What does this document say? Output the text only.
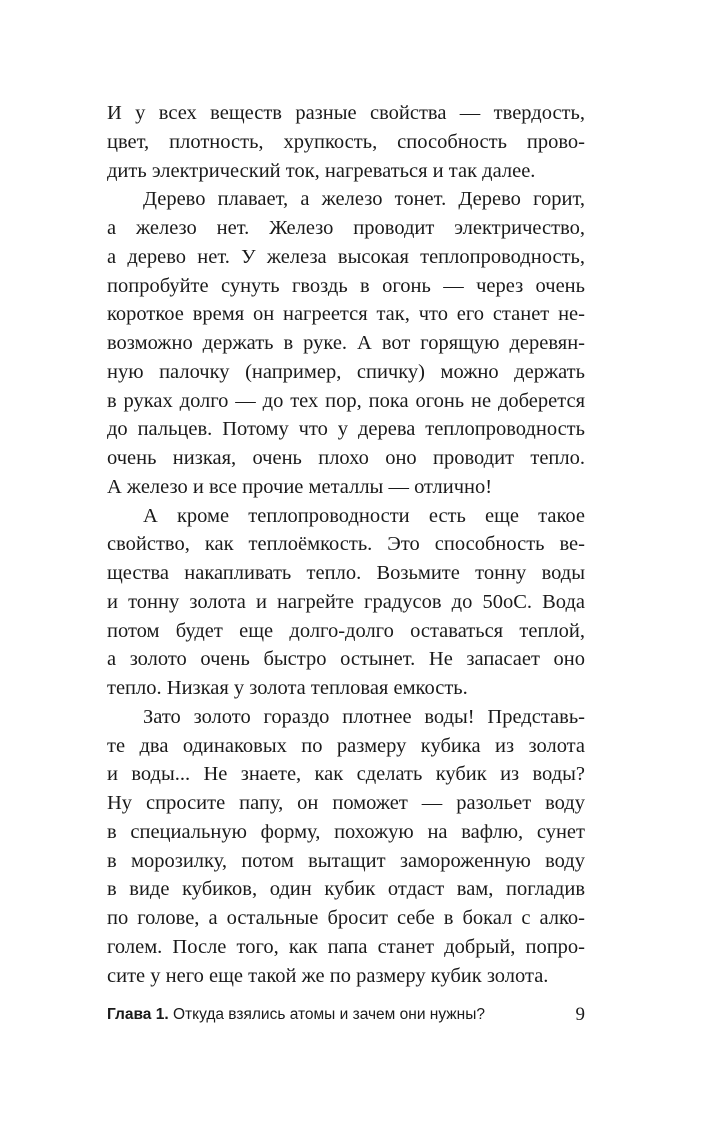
И у всех веществ разные свойства — твердость,
цвет, плотность, хрупкость, способность прово-
дить электрический ток, нагреваться и так далее.
Дерево плавает, а железо тонет. Дерево горит,
а железо нет. Железо проводит электричество,
а дерево нет. У железа высокая теплопроводность,
попробуйте сунуть гвоздь в огонь — через очень
короткое время он нагреется так, что его станет не-
возможно держать в руке. А вот горящую деревян-
ную палочку (например, спичку) можно держать
в руках долго — до тех пор, пока огонь не доберется
до пальцев. Потому что у дерева теплопроводность
очень низкая, очень плохо оно проводит тепло.
А железо и все прочие металлы — отлично!
А кроме теплопроводности есть еще такое
свойство, как теплоёмкость. Это способность ве-
щества накапливать тепло. Возьмите тонну воды
и тонну золота и нагрейте градусов до 50оС. Вода
потом будет еще долго-долго оставаться теплой,
а золото очень быстро остынет. Не запасает оно
тепло. Низкая у золота тепловая емкость.
Зато золото гораздо плотнее воды! Представь-
те два одинаковых по размеру кубика из золота
и воды... Не знаете, как сделать кубик из воды?
Ну спросите папу, он поможет — разольет воду
в специальную форму, похожую на вафлю, сунет
в морозилку, потом вытащит замороженную воду
в виде кубиков, один кубик отдаст вам, погладив
по голове, а остальные бросит себе в бокал с алко-
голем. После того, как папа станет добрый, попро-
сите у него еще такой же по размеру кубик золота.
Глава 1. Откуда взялись атомы и зачем они нужны?	9
